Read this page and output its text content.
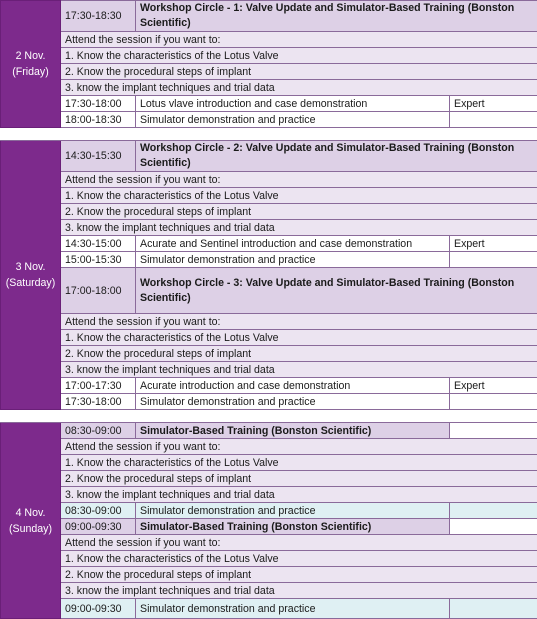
2 Nov.
(Friday)	17:30-18:30	Workshop Circle - 1: Valve Update and Simulator-Based Training (Bonston Scientific)	
	Attend the session if you want to:		
	1. Know the characteristics of the Lotus Valve		
	2. Know the procedural steps of implant		
	3. know the implant techniques and trial data		
	17:30-18:00	Lotus vlave introduction and case demonstration	Expert
	18:00-18:30	Simulator demonstration and practice	

3 Nov.
(Saturday)	14:30-15:30	Workshop Circle - 2: Valve Update and Simulator-Based Training (Bonston Scientific)	
	Attend the session if you want to:		
	1. Know the characteristics of the Lotus Valve		
	2. Know the procedural steps of implant		
	3. know the implant techniques and trial data		
	14:30-15:00	Acurate and Sentinel introduction and case demonstration	Expert
	15:00-15:30	Simulator demonstration and practice	
	17:00-18:00	Workshop Circle - 3: Valve Update and Simulator-Based Training (Bonston Scientific)	
	Attend the session if you want to:		
	1. Know the characteristics of the Lotus Valve		
	2. Know the procedural steps of implant		
	3. know the implant techniques and trial data		
	17:00-17:30	Acurate introduction and case demonstration	Expert
	17:30-18:00	Simulator demonstration and practice	

4 Nov.
(Sunday)	08:30-09:00	Simulator-Based Training (Bonston Scientific)	
	Attend the session if you want to:		
	1. Know the characteristics of the Lotus Valve		
	2. Know the procedural steps of implant		
	3. know the implant techniques and trial data		
	08:30-09:00	Simulator demonstration and practice	
	09:00-09:30	Simulator-Based Training (Bonston Scientific)	
	Attend the session if you want to:		
	1. Know the characteristics of the Lotus Valve		
	2. Know the procedural steps of implant		
	3. know the implant techniques and trial data		
	09:00-09:30	Simulator demonstration and practice	
